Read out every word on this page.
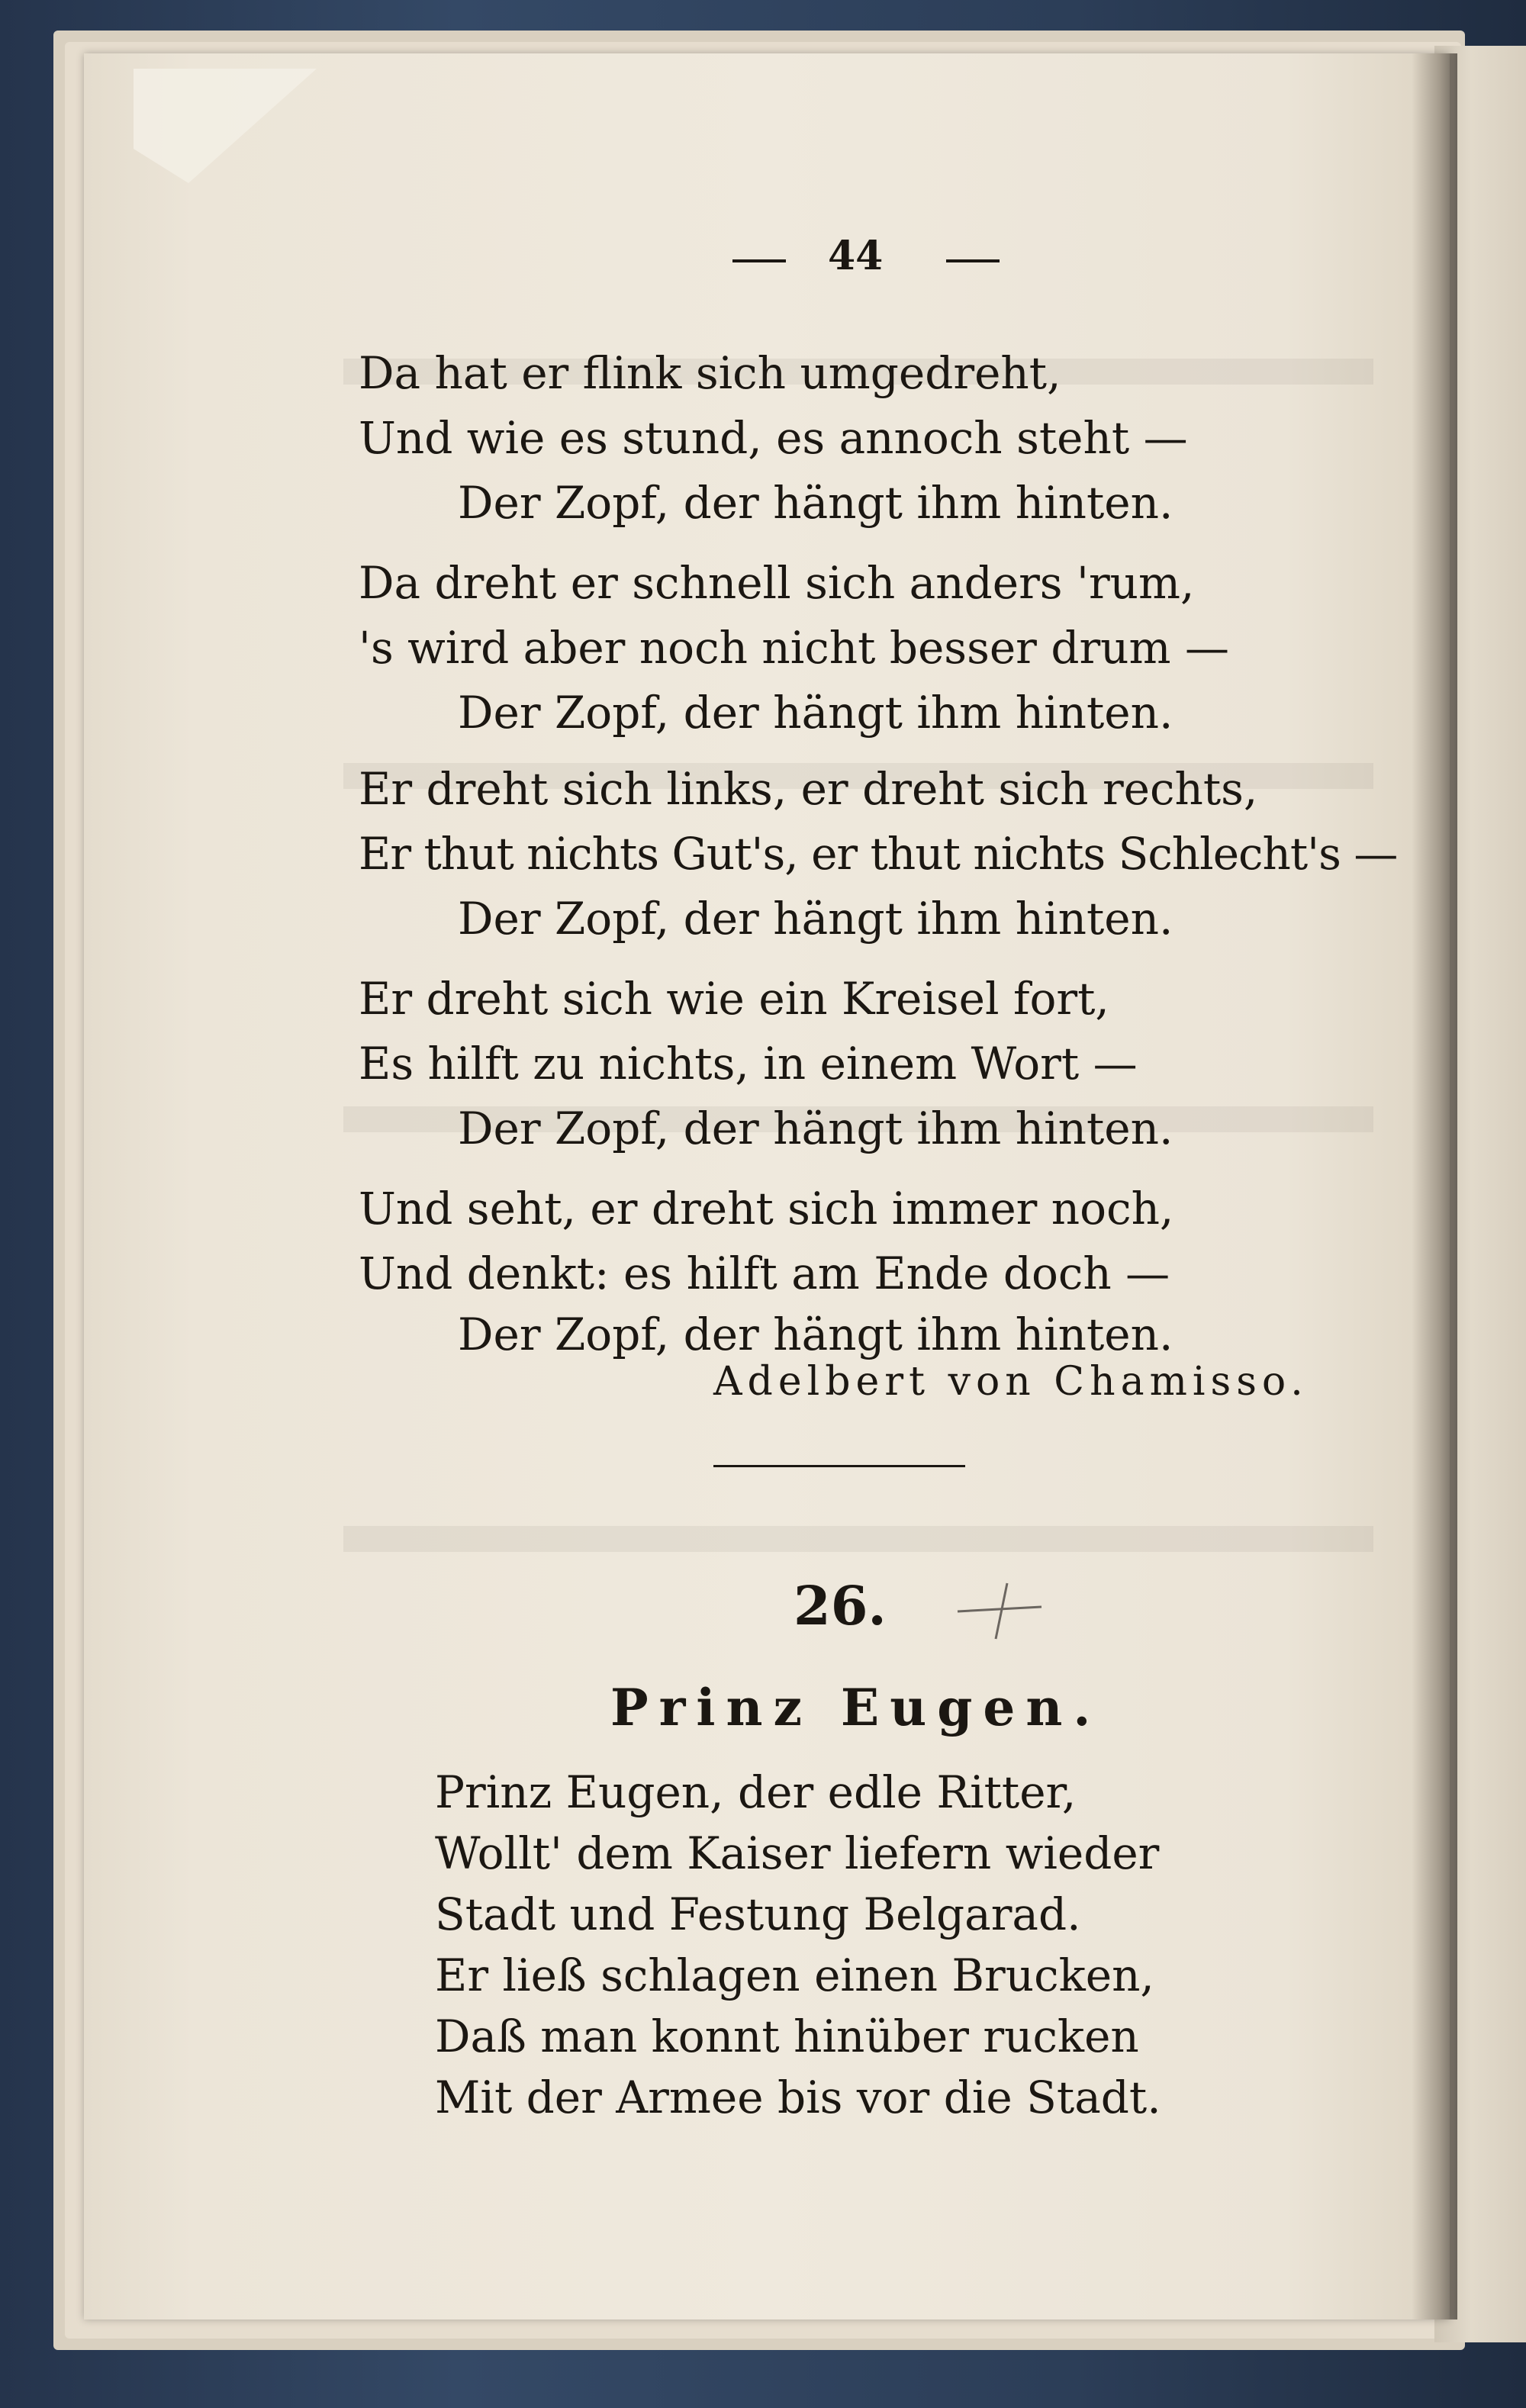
44
Da hat er flink sich umgedreht,
Und wie es stund, es annoch steht —
Der Zopf, der hängt ihm hinten.
Da dreht er schnell sich anders 'rum,
's wird aber noch nicht besser drum —
Der Zopf, der hängt ihm hinten.
Er dreht sich links, er dreht sich rechts,
Er thut nichts Gut's, er thut nichts Schlecht's —
Der Zopf, der hängt ihm hinten.
Er dreht sich wie ein Kreisel fort,
Es hilft zu nichts, in einem Wort —
Der Zopf, der hängt ihm hinten.
Und seht, er dreht sich immer noch,
Und denkt: es hilft am Ende doch —
Der Zopf, der hängt ihm hinten.
Adelbert von Chamisso.
26.
Prinz Eugen.
Prinz Eugen, der edle Ritter,
Wollt' dem Kaiser liefern wieder
Stadt und Festung Belgarad.
Er ließ schlagen einen Brucken,
Daß man konnt hinüber rucken
Mit der Armee bis vor die Stadt.
